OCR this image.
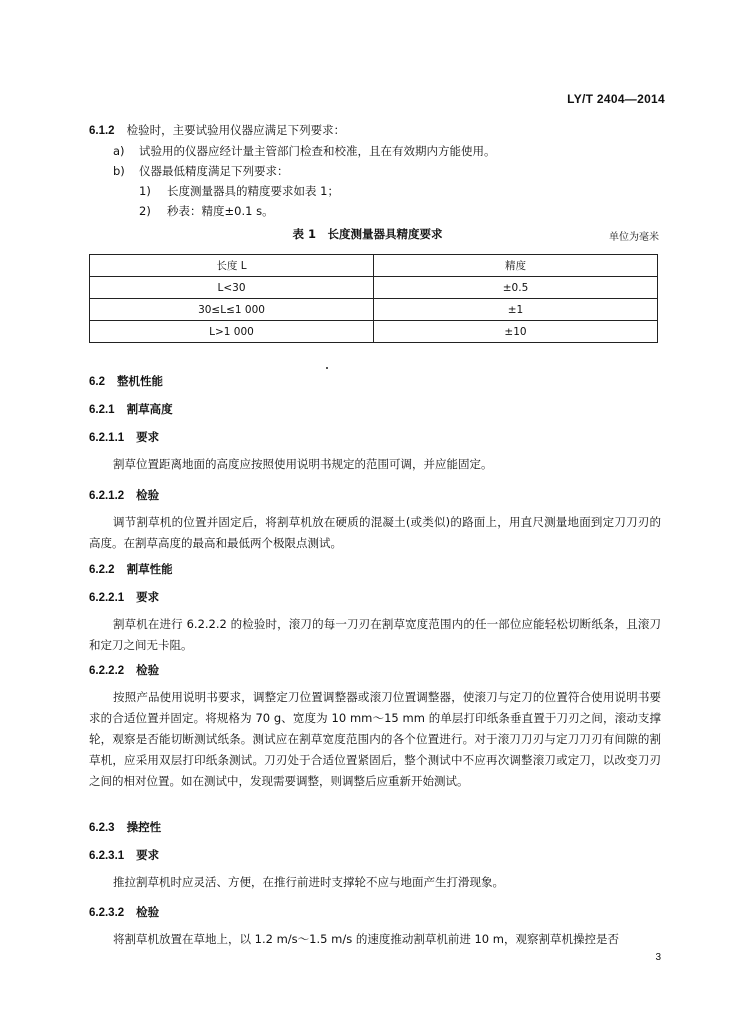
LY/T 2404—2014
6.1.2 检验时，主要试验用仪器应满足下列要求：
a) 试验用的仪器应经计量主管部门检查和校准，且在有效期内方能使用。
b) 仪器最低精度满足下列要求：
1) 长度测量器具的精度要求如表 1；
2) 秒表：精度±0.1 s。
表 1　长度测量器具精度要求	单位为毫米
长度 L	精度
L<30	±0.5
30≤L≤1 000	±1
L>1 000	±10
6.2 整机性能
6.2.1 割草高度
6.2.1.1 要求
割草位置距离地面的高度应按照使用说明书规定的范围可调，并应能固定。
6.2.1.2 检验
调节割草机的位置并固定后，将割草机放在硬质的混凝土(或类似)的路面上，用直尺测量地面到定刀刀刃的高度。在割草高度的最高和最低两个极限点测试。
6.2.2 割草性能
6.2.2.1 要求
割草机在进行 6.2.2.2 的检验时，滚刀的每一刀刃在割草宽度范围内的任一部位应能轻松切断纸条，且滚刀和定刀之间无卡阻。
6.2.2.2 检验
按照产品使用说明书要求，调整定刀位置调整器或滚刀位置调整器，使滚刀与定刀的位置符合使用说明书要求的合适位置并固定。将规格为 70 g、宽度为 10 mm～15 mm 的单层打印纸条垂直置于刀刃之间，滚动支撑轮，观察是否能切断测试纸条。测试应在割草宽度范围内的各个位置进行。对于滚刀刀刃与定刀刀刃有间隙的割草机，应采用双层打印纸条测试。刀刃处于合适位置紧固后，整个测试中不应再次调整滚刀或定刀，以改变刀刃之间的相对位置。如在测试中，发现需要调整，则调整后应重新开始测试。
6.2.3 操控性
6.2.3.1 要求
推拉割草机时应灵活、方便，在推行前进时支撑轮不应与地面产生打滑现象。
6.2.3.2 检验
将割草机放置在草地上，以 1.2 m/s～1.5 m/s 的速度推动割草机前进 10 m，观察割草机操控是否
3
